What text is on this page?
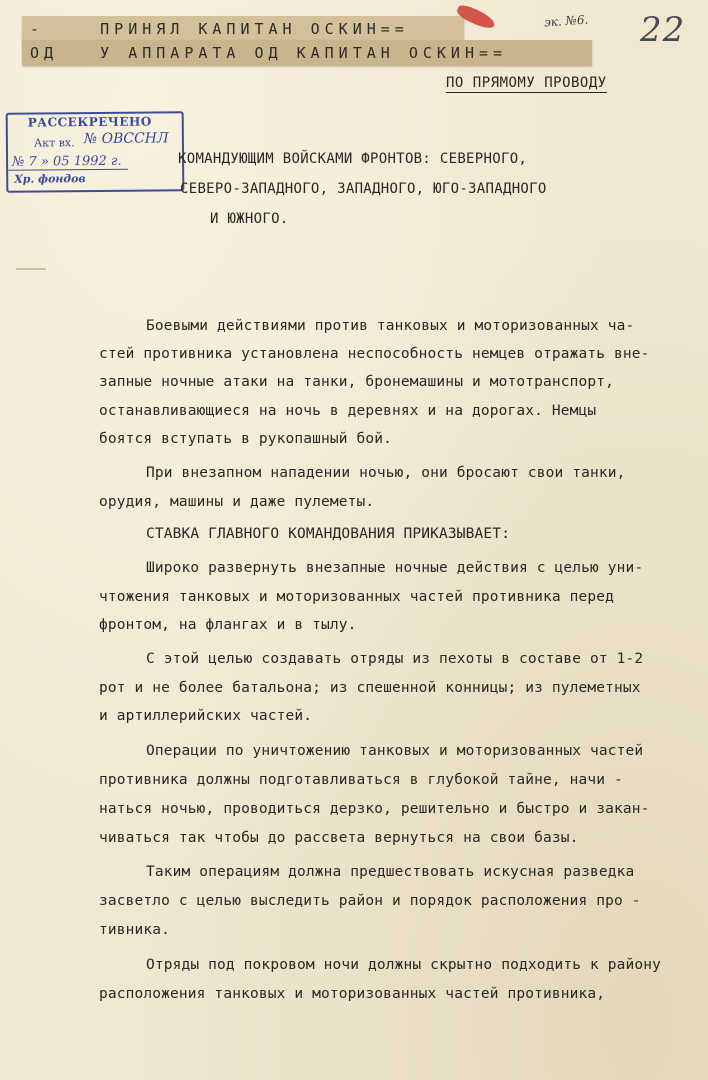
-    ПРИНЯЛ КАПИТАН ОСКИН==
ОД   У АППАРАТА ОД КАПИТАН ОСКИН==
эк. №6. 22
ПО ПРЯМОМУ ПРОВОДУ
РАССЕКРЕЧЕНО
Акт вх. № ОВССНЛ
№ 7 » 05 1992 г.
Хр. фондов
КОМАНДУЮЩИМ ВОЙСКАМИ ФРОНТОВ: СЕВЕРНОГО,
СЕВЕРО-ЗАПАДНОГО, ЗАПАДНОГО, ЮГО-ЗАПАДНОГО
И ЮЖНОГО.
Боевыми действиями против танковых и моторизованных ча-
стей противника установлена неспособность немцев отражать вне-
запные ночные атаки на танки, бронемашины и мототранспорт,
останавливающиеся на ночь в деревнях и на дорогах. Немцы
боятся вступать в рукопашный бой.
При внезапном нападении ночью, они бросают свои танки,
орудия, машины и даже пулеметы.
СТАВКА ГЛАВНОГО КОМАНДОВАНИЯ ПРИКАЗЫВАЕТ:
Широко развернуть внезапные ночные действия с целью уни-
чтожения танковых и моторизованных частей противника перед
фронтом, на флангах и в тылу.
С этой целью создавать отряды из пехоты в составе от 1-2
рот и не более батальона; из спешенной конницы; из пулеметных
и артиллерийских частей.
Операции по уничтожению танковых и моторизованных частей
противника должны подготавливаться в глубокой тайне, начи -
наться ночью, проводиться дерзко, решительно и быстро и закан-
чиваться так чтобы до рассвета вернуться на свои базы.
Таким операциям должна предшествовать искусная разведка
засветло с целью выследить район и порядок расположения про -
тивника.
Отряды под покровом ночи должны скрытно подходить к району
расположения танковых и моторизованных частей противника,
